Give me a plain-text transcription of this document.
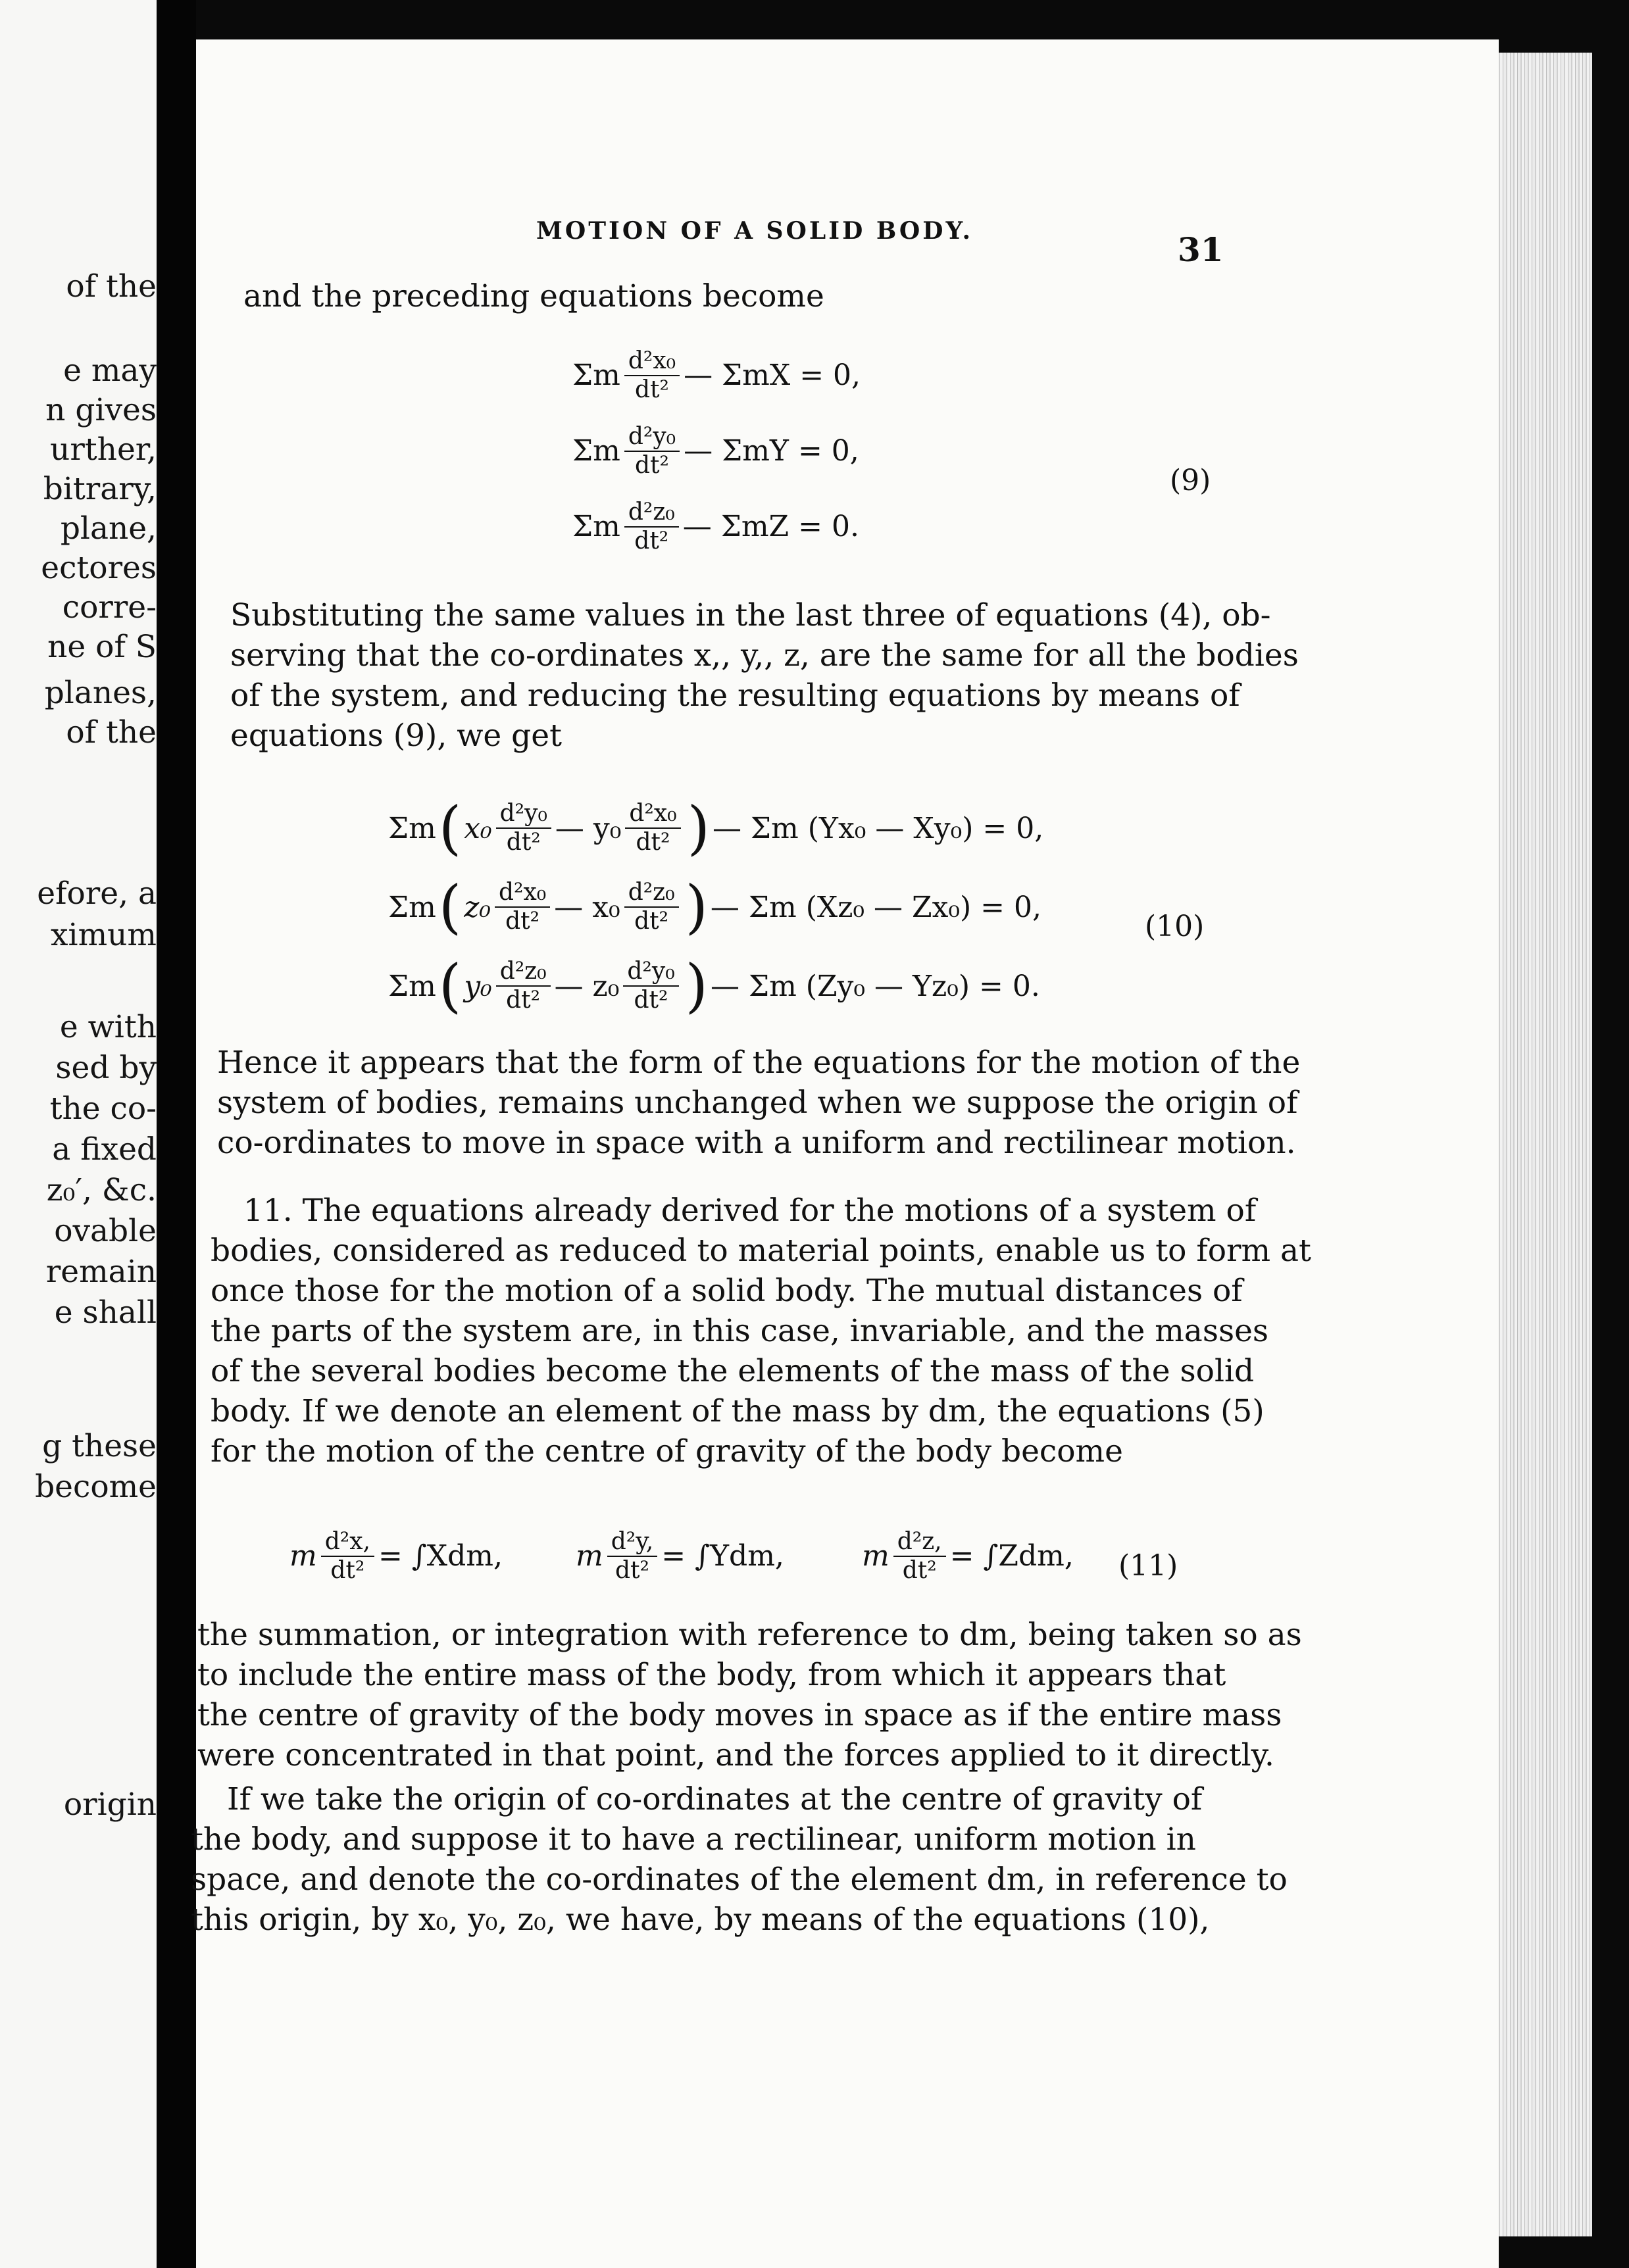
of the
e may
n gives
urther,
bitrary,
plane,
ectores
corre-
ne of S
planes,
of the
efore, a
ximum
e with
sed by
the co-
a fixed
z₀′, &c.
ovable
remain
e shall
g these
become
origin
MOTION OF A SOLID BODY.	31
and the preceding equations become
Σm $\frac{\text{d²x₀}}{\text{dt²}}$ — ΣmX = 0,
Σm $\frac{\text{d²y₀}}{\text{dt²}}$ — ΣmY = 0,
Σm $\frac{\text{d²z₀}}{\text{dt²}}$ — ΣmZ = 0.
(9)
Substituting the same values in the last three of equations (4), ob-
serving that the co-ordinates x,, y,, z, are the same for all the bodies
of the system, and reducing the resulting equations by means of
equations (9), we get
Σm ( $x_0 \frac{\text{d²y₀}}{\text{dt²}}$ — $y_0 \frac{\text{d²x₀}}{\text{dt²}}$ ) — Σm (Yx₀ — Xy₀) = 0,
Σm ( $z_0 \frac{\text{d²x₀}}{\text{dt²}}$ — $x_0 \frac{\text{d²z₀}}{\text{dt²}}$ ) — Σm (Xz₀ — Zx₀) = 0,
Σm ( $y_0 \frac{\text{d²z₀}}{\text{dt²}}$ — $z_0 \frac{\text{d²y₀}}{\text{dt²}}$ ) — Σm (Zy₀ — Yz₀) = 0.
(10)
Hence it appears that the form of the equations for the motion of the
system of bodies, remains unchanged when we suppose the origin of
co-ordinates to move in space with a uniform and rectilinear motion.
11. The equations already derived for the motions of a system of
bodies, considered as reduced to material points, enable us to form at
once those for the motion of a solid body. The mutual distances of
the parts of the system are, in this case, invariable, and the masses
of the several bodies become the elements of the mass of the solid
body. If we denote an element of the mass by dm, the equations (5)
for the motion of the centre of gravity of the body become
m $\frac{\text{d²x,}}{\text{dt²}} = \int Xdm$,	m $\frac{\text{d²y,}}{\text{dt²}} = \int Ydm$,	m $\frac{\text{d²z,}}{\text{dt²}} = \int Zdm$, (11)
the summation, or integration with reference to dm, being taken so as
to include the entire mass of the body, from which it appears that
the centre of gravity of the body moves in space as if the entire mass
were concentrated in that point, and the forces applied to it directly.
If we take the origin of co-ordinates at the centre of gravity of
the body, and suppose it to have a rectilinear, uniform motion in
space, and denote the co-ordinates of the element dm, in reference to
this origin, by x₀, y₀, z₀, we have, by means of the equations (10),
